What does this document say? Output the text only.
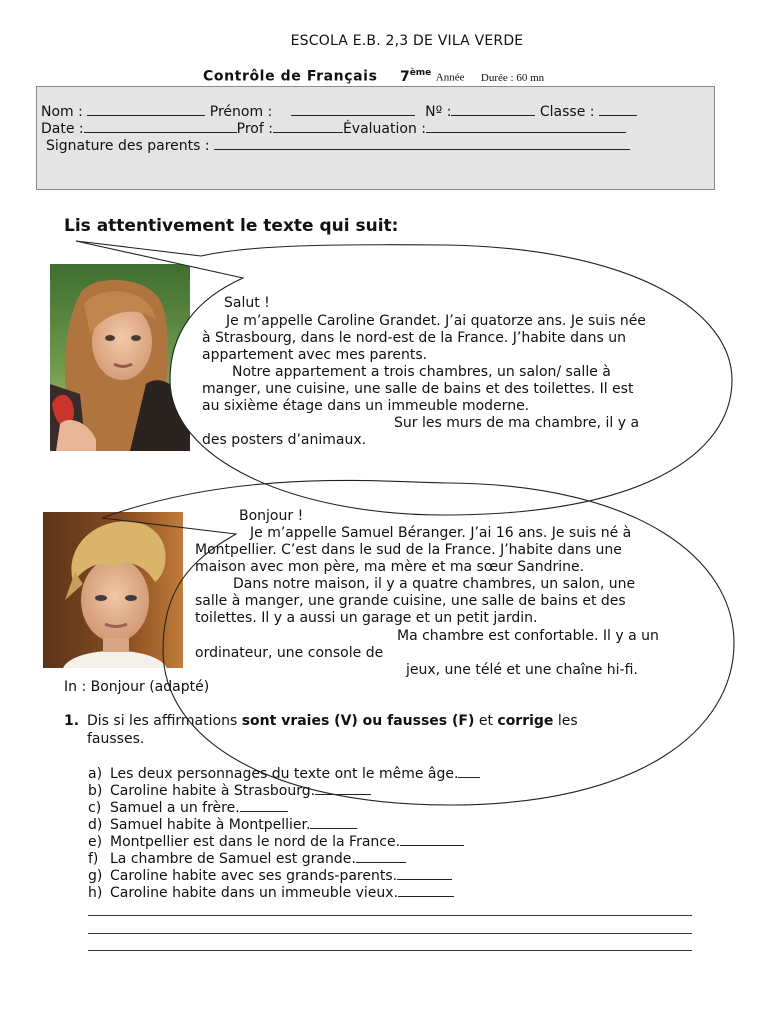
ESCOLA E.B. 2,3 DE VILA VERDE
Contrôle de Français 7ème Année Durée : 60 mn
Nom :	Prénom :	Nº :	Classe :
Date :	Prof :	Évaluation :
Signature des parents :
Lis attentivement le texte qui suit:
Salut !
Je m’appelle Caroline Grandet. J’ai quatorze ans. Je suis née
à Strasbourg, dans le nord-est de la France. J’habite dans un
appartement avec mes parents.
Notre appartement a trois chambres, un salon/ salle à
manger, une cuisine, une salle de bains et des toilettes. Il est
au sixième étage dans un immeuble moderne.
Sur les murs de ma chambre, il y a
des posters d’animaux.
Bonjour !
Je m’appelle Samuel Béranger. J’ai 16 ans. Je suis né à
Montpellier. C’est dans le sud de la France. J’habite dans une
maison avec mon père, ma mère et ma sœur Sandrine.
Dans notre maison, il y a quatre chambres, un salon, une
salle à manger, une grande cuisine, une salle de bains et des
toilettes. Il y a aussi un garage et un petit jardin.
Ma chambre est confortable. Il y a un
ordinateur, une console de
jeux, une télé et une chaîne hi-fi.
In : Bonjour (adapté)
1. Dis si les affirmations sont vraies (V) ou fausses (F) et corrige les
fausses.
a) Les deux personnages du texte ont le même âge.
b) Caroline habite à Strasbourg.
c) Samuel a un frère.
d) Samuel habite à Montpellier.
e) Montpellier est dans le nord de la France.
f) La chambre de Samuel est grande.
g) Caroline habite avec ses grands-parents.
h) Caroline habite dans un immeuble vieux.
